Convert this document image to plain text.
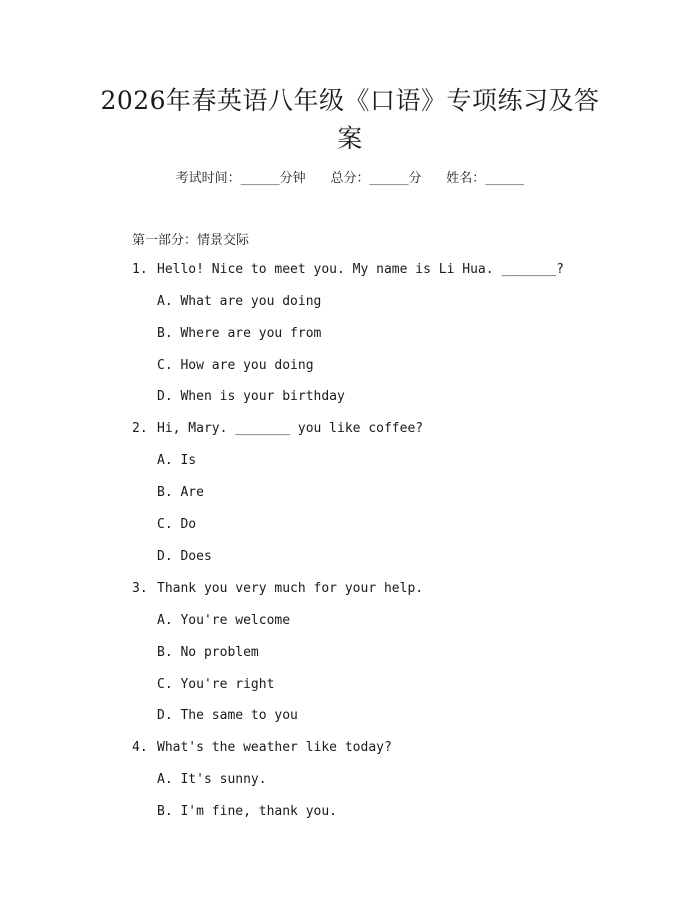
2026年春英语八年级《口语》专项练习及答案
考试时间：______分钟 总分：______分 姓名：______
第一部分：情景交际
1. Hello! Nice to meet you. My name is Li Hua. _______?
A. What are you doing
B. Where are you from
C. How are you doing
D. When is your birthday
2. Hi, Mary. _______ you like coffee?
A. Is
B. Are
C. Do
D. Does
3. Thank you very much for your help.
A. You're welcome
B. No problem
C. You're right
D. The same to you
4. What's the weather like today?
A. It's sunny.
B. I'm fine, thank you.
